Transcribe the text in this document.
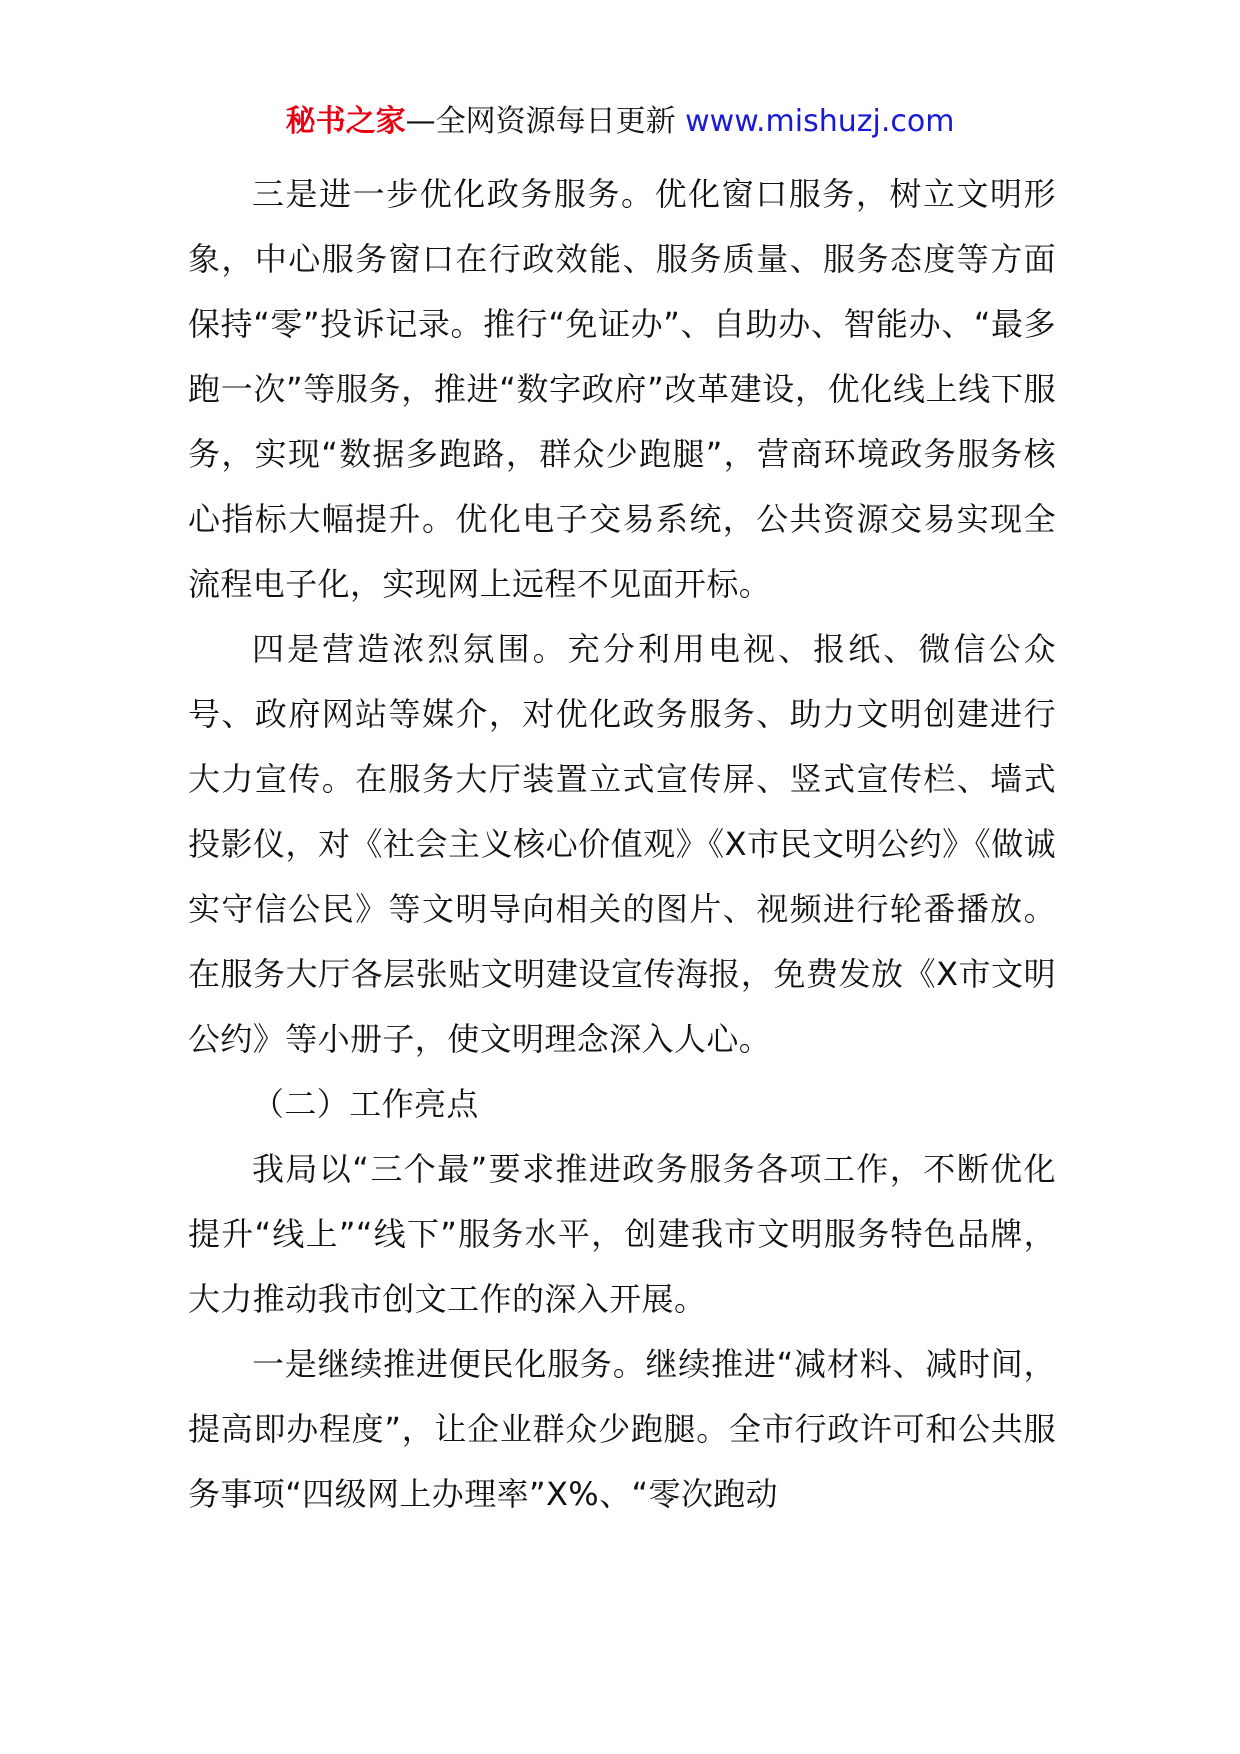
秘书之家—全网资源每日更新 www.mishuzj.com

三是进一步优化政务服务。优化窗口服务，树立文明形象，中心服务窗口在行政效能、服务质量、服务态度等方面保持“零”投诉记录。推行“免证办”、自助办、智能办、“最多跑一次”等服务，推进“数字政府”改革建设，优化线上线下服务，实现“数据多跑路，群众少跑腿”，营商环境政务服务核心指标大幅提升。优化电子交易系统，公共资源交易实现全流程电子化，实现网上远程不见面开标。

四是营造浓烈氛围。充分利用电视、报纸、微信公众号、政府网站等媒介，对优化政务服务、助力文明创建进行大力宣传。在服务大厅装置立式宣传屏、竖式宣传栏、墙式投影仪，对《社会主义核心价值观》《X市民文明公约》《做诚实守信公民》等文明导向相关的图片、视频进行轮番播放。在服务大厅各层张贴文明建设宣传海报，免费发放《X市文明公约》等小册子，使文明理念深入人心。

（二）工作亮点

我局以“三个最”要求推进政务服务各项工作，不断优化提升“线上”“线下”服务水平，创建我市文明服务特色品牌，大力推动我市创文工作的深入开展。

一是继续推进便民化服务。继续推进“减材料、减时间，提高即办程度”，让企业群众少跑腿。全市行政许可和公共服务事项“四级网上办理率”X%、“零次跑动
